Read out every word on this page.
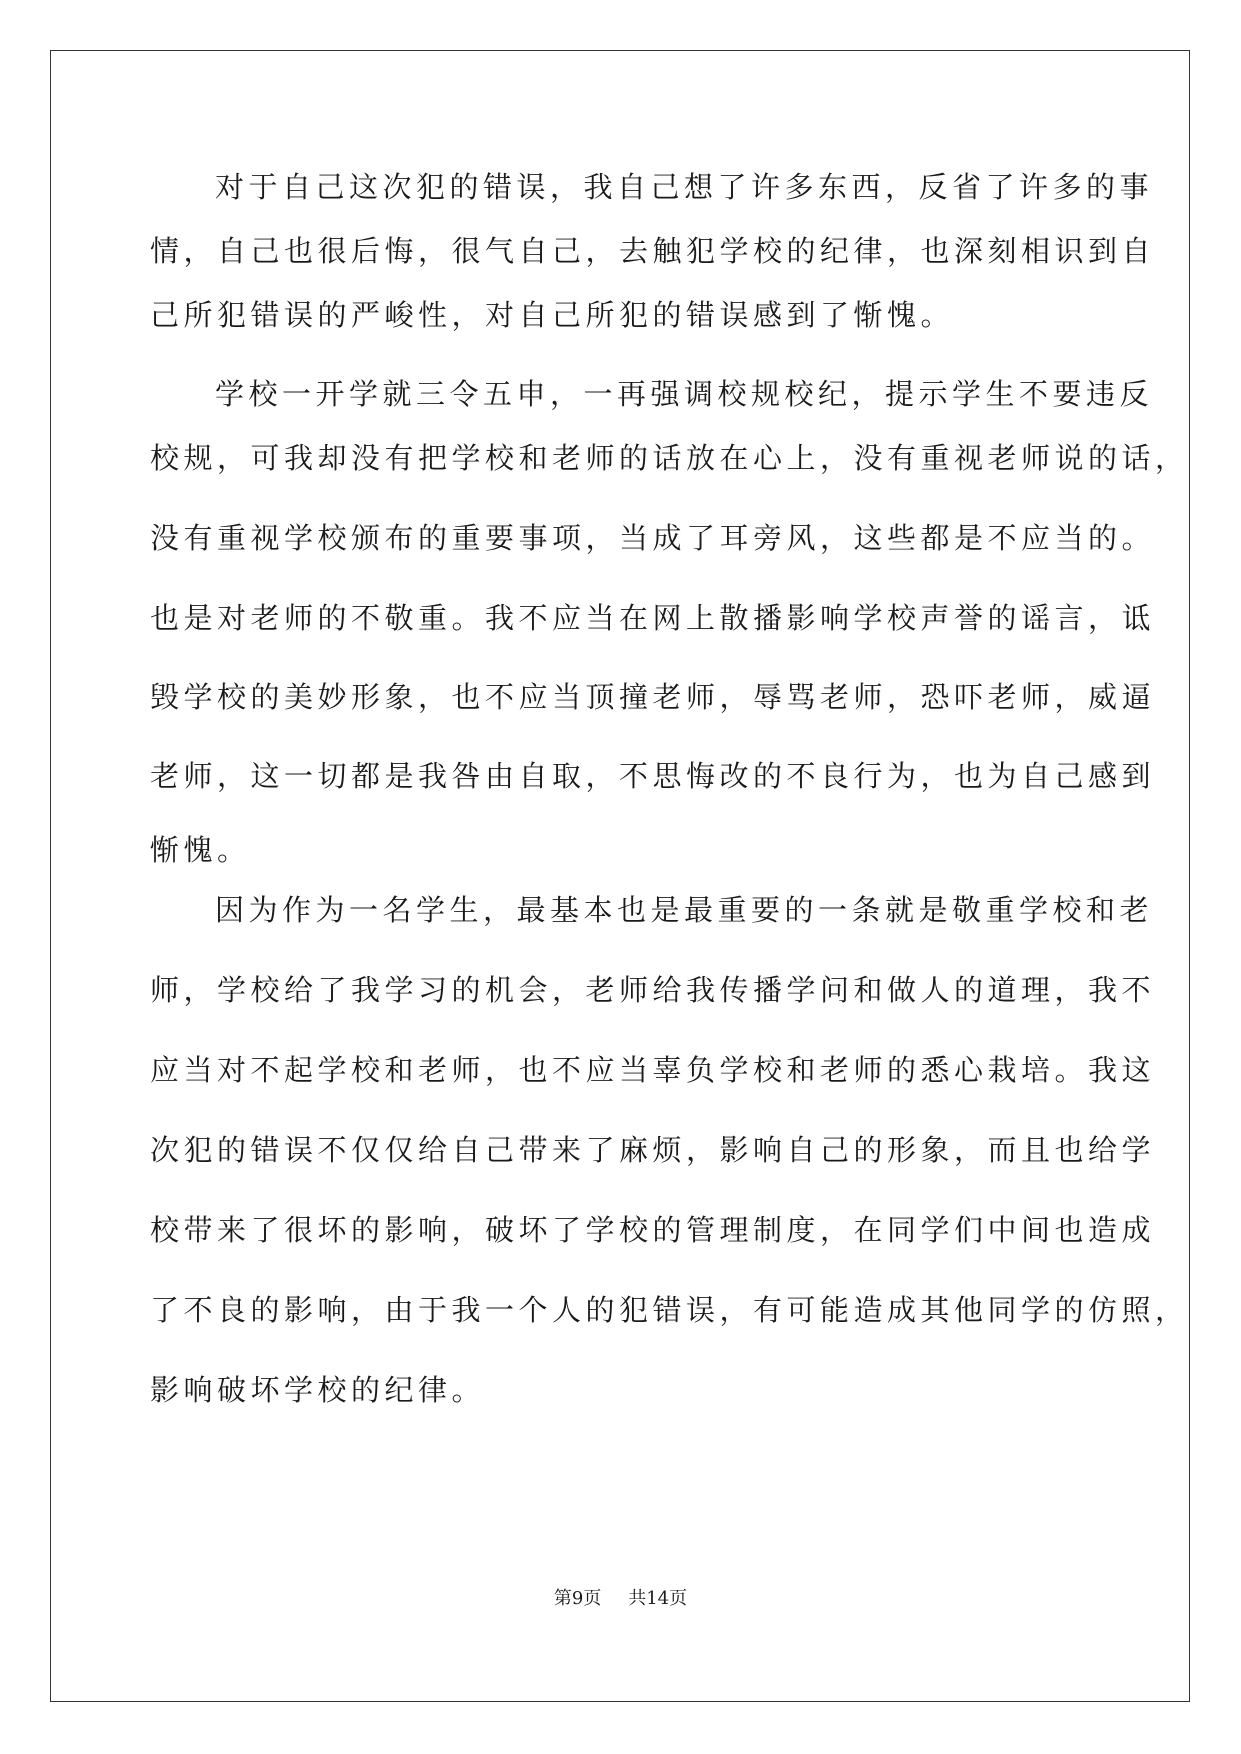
对于自己这次犯的错误，我自己想了许多东西，反省了许多的事
情，自己也很后悔，很气自己，去触犯学校的纪律，也深刻相识到自
己所犯错误的严峻性，对自己所犯的错误感到了惭愧。
学校一开学就三令五申，一再强调校规校纪，提示学生不要违反
校规，可我却没有把学校和老师的话放在心上，没有重视老师说的话，
没有重视学校颁布的重要事项，当成了耳旁风，这些都是不应当的。
也是对老师的不敬重。我不应当在网上散播影响学校声誉的谣言，诋
毁学校的美妙形象，也不应当顶撞老师，辱骂老师，恐吓老师，威逼
老师，这一切都是我咎由自取，不思悔改的不良行为，也为自己感到
惭愧。
因为作为一名学生，最基本也是最重要的一条就是敬重学校和老
师，学校给了我学习的机会，老师给我传播学问和做人的道理，我不
应当对不起学校和老师，也不应当辜负学校和老师的悉心栽培。我这
次犯的错误不仅仅给自己带来了麻烦，影响自己的形象，而且也给学
校带来了很坏的影响，破坏了学校的管理制度，在同学们中间也造成
了不良的影响，由于我一个人的犯错误，有可能造成其他同学的仿照，
影响破坏学校的纪律。
第9页 共14页
